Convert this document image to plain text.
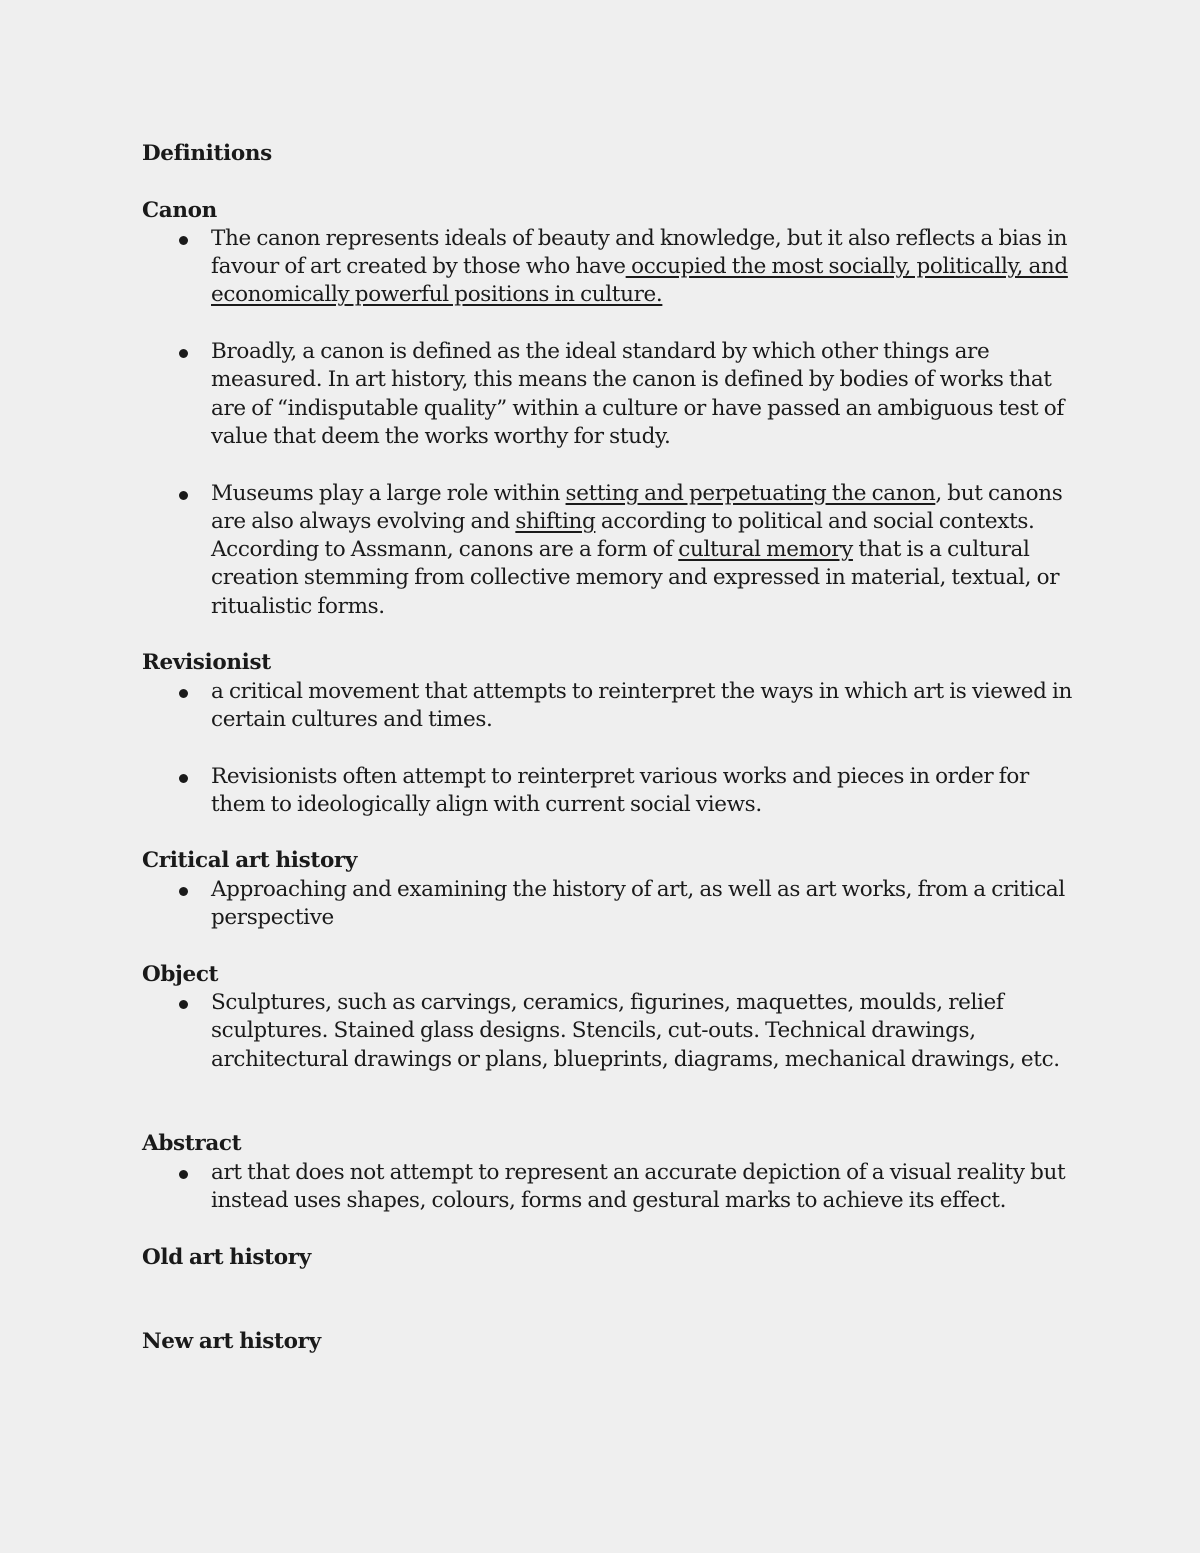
Definitions

Canon

The canon represents ideals of beauty and knowledge, but it also reflects a bias in favour of art created by those who have occupied the most socially, politically, and economically powerful positions in culture.
Broadly, a canon is defined as the ideal standard by which other things are measured. In art history, this means the canon is defined by bodies of works that are of “indisputable quality” within a culture or have passed an ambiguous test of value that deem the works worthy for study.
Museums play a large role within setting and perpetuating the canon, but canons are also always evolving and shifting according to political and social contexts. According to Assmann, canons are a form of cultural memory that is a cultural creation stemming from collective memory and expressed in material, textual, or ritualistic forms.

Revisionist

a critical movement that attempts to reinterpret the ways in which art is viewed in certain cultures and times.
Revisionists often attempt to reinterpret various works and pieces in order for them to ideologically align with current social views.

Critical art history

Approaching and examining the history of art, as well as art works, from a critical perspective

Object

Sculptures, such as carvings, ceramics, figurines, maquettes, moulds, relief sculptures. Stained glass designs. Stencils, cut-outs. Technical drawings, architectural drawings or plans, blueprints, diagrams, mechanical drawings, etc.

Abstract

art that does not attempt to represent an accurate depiction of a visual reality but instead uses shapes, colours, forms and gestural marks to achieve its effect.

Old art history

New art history
